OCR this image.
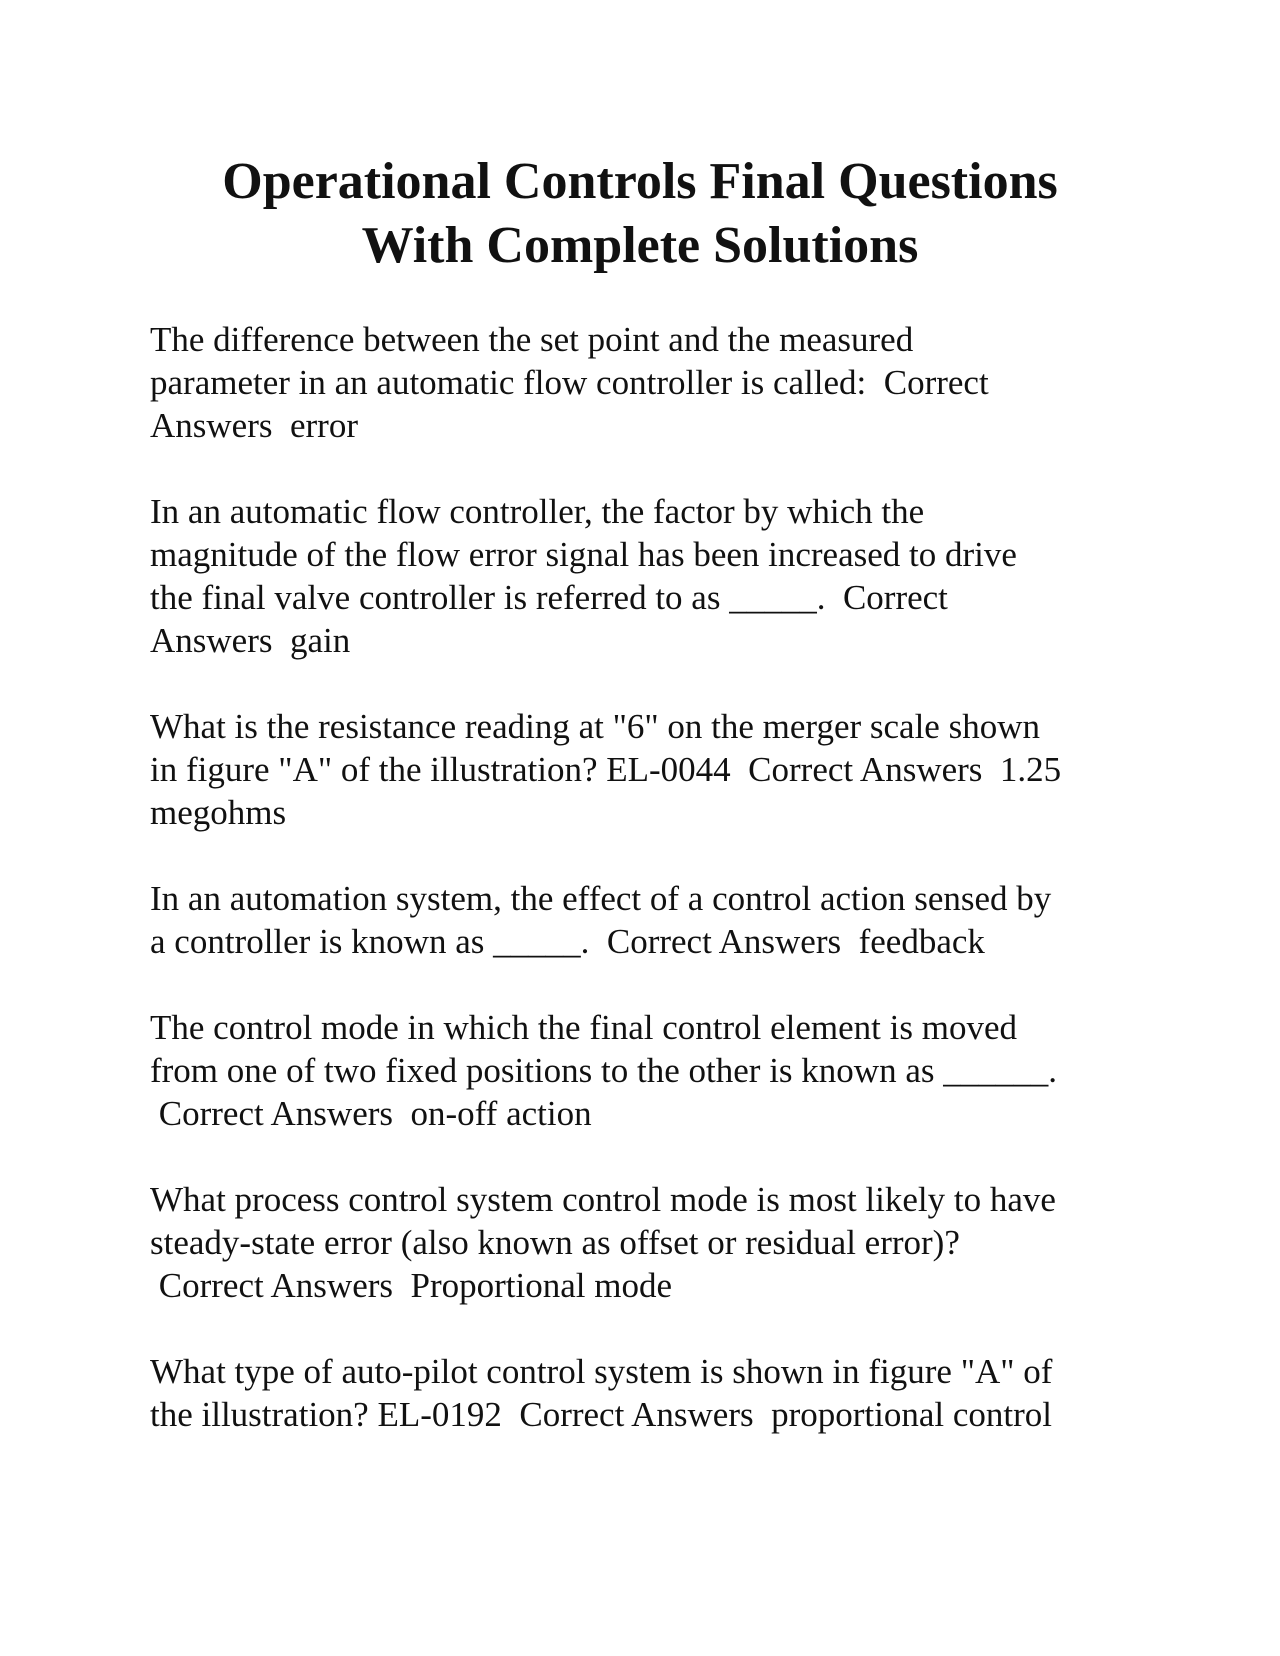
Operational Controls Final Questions
With Complete Solutions

The difference between the set point and the measured
parameter in an automatic flow controller is called:  Correct
Answers  error

In an automatic flow controller, the factor by which the
magnitude of the flow error signal has been increased to drive
the final valve controller is referred to as _____.  Correct
Answers  gain

What is the resistance reading at "6" on the merger scale shown
in figure "A" of the illustration? EL-0044  Correct Answers  1.25
megohms

In an automation system, the effect of a control action sensed by
a controller is known as _____.  Correct Answers  feedback

The control mode in which the final control element is moved
from one of two fixed positions to the other is known as ______.
Correct Answers  on-off action

What process control system control mode is most likely to have
steady-state error (also known as offset or residual error)?
Correct Answers  Proportional mode

What type of auto-pilot control system is shown in figure "A" of
the illustration? EL-0192  Correct Answers  proportional control
